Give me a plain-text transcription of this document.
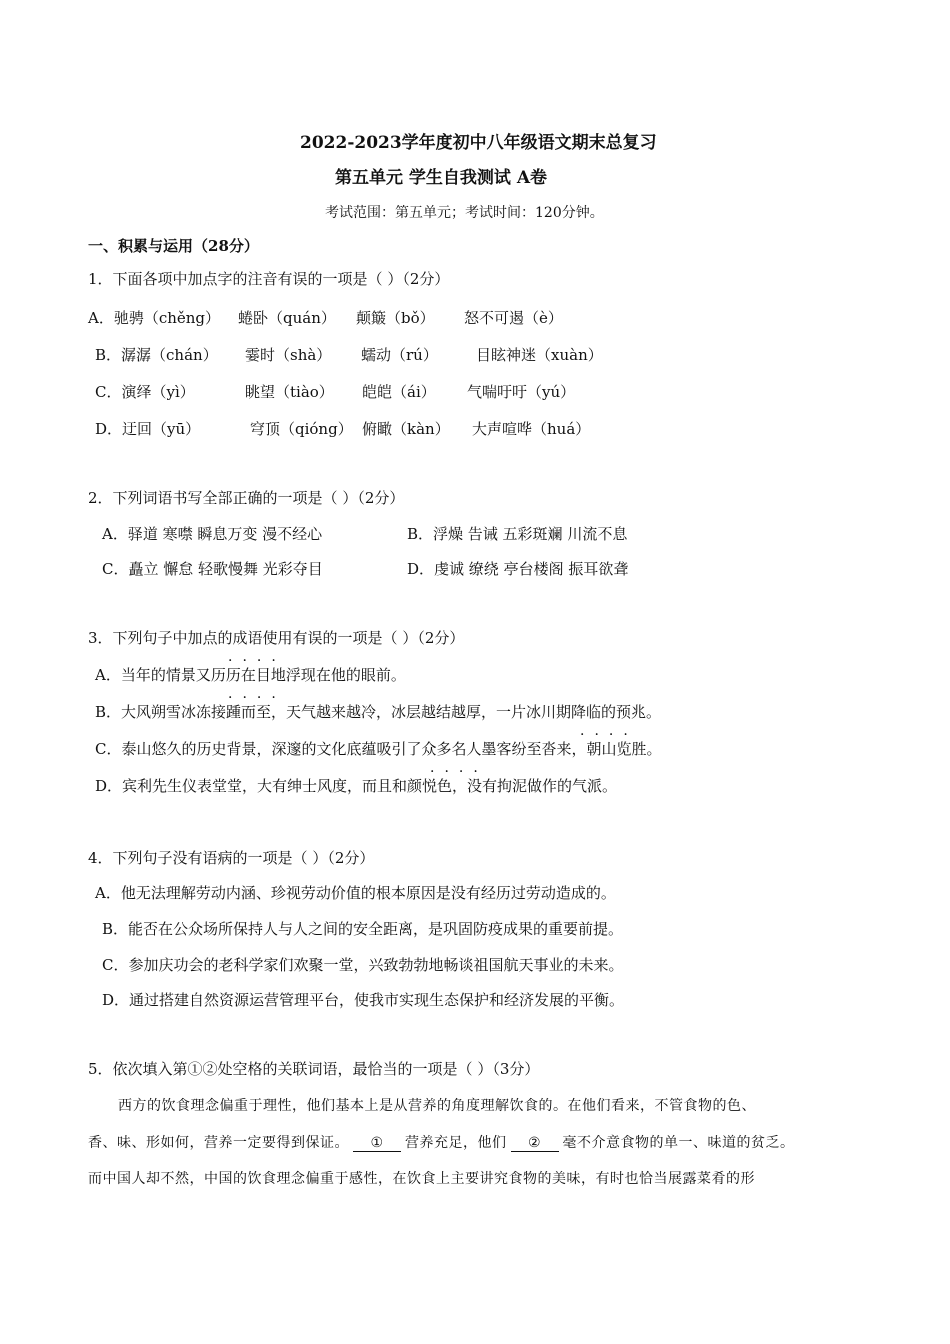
2022-2023学年度初中八年级语文期末总复习
第五单元 学生自我测试 A卷
考试范围：第五单元；考试时间：120分钟。
一、积累与运用（28分）
1．下面各项中加点字的注音有误的一项是（ ）（2分）
A．驰骋（chěng） 蜷卧（quán） 颠簸（bǒ） 怒不可遏（è）
B．潺潺（chán） 霎时（shà） 蠕动（rú）	目眩神迷（xuàn）
C．演绎（yì）	眺望（tiào） 皑皑（ái） 气喘吁吁（yú）
D．迂回（yū）	穹顶（qióng） 俯瞰（kàn） 大声喧哗（huá）
2．下列词语书写全部正确的一项是（ ）（2分）
A．驿道 寒噤 瞬息万变 漫不经心	B．浮燥 告诫 五彩斑斓 川流不息
C．矗立 懈怠 轻歌慢舞 光彩夺目	D．虔诚 缭绕 亭台楼阁 振耳欲聋
3．下列句子中加点的成语使用有误的一项是（ ）（2分）
A．当年的情景又历历在目地浮现在他的眼前。
B．大风朔雪冰冻接踵而至，天气越来越冷，冰层越结越厚，一片冰川期降临的预兆。
C．泰山悠久的历史背景，深邃的文化底蕴吸引了众多名人墨客纷至沓来，朝山览胜。
D．宾利先生仪表堂堂，大有绅士风度，而且和颜悦色，没有拘泥做作的气派。
····
····
····
····
4．下列句子没有语病的一项是（ ）（2分）
A．他无法理解劳动内涵、珍视劳动价值的根本原因是没有经历过劳动造成的。
B．能否在公众场所保持人与人之间的安全距离，是巩固防疫成果的重要前提。
C．参加庆功会的老科学家们欢聚一堂，兴致勃勃地畅谈祖国航天事业的未来。
D．通过搭建自然资源运营管理平台，使我市实现生态保护和经济发展的平衡。
5．依次填入第①②处空格的关联词语，最恰当的一项是（ ）（3分）
西方的饮食理念偏重于理性，他们基本上是从营养的角度理解饮食的。在他们看来，不管食物的色、
香、味、形如何，营养一定要得到保证。 ① 营养充足，他们 ② 毫不介意食物的单一、味道的贫乏。
而中国人却不然，中国的饮食理念偏重于感性，在饮食上主要讲究食物的美味，有时也恰当展露菜肴的形
